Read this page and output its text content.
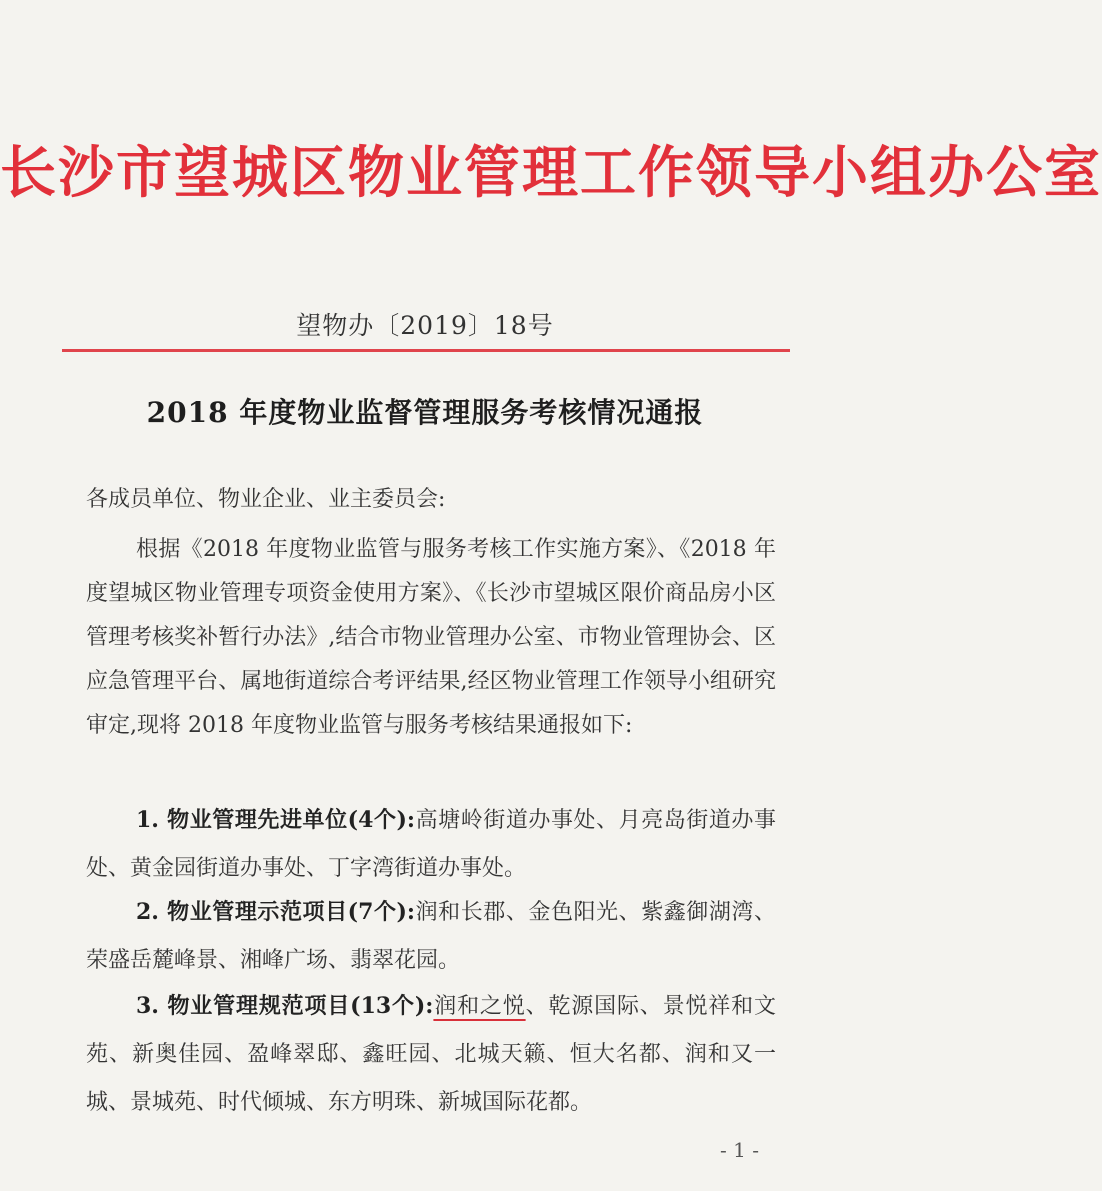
长沙市望城区物业管理工作领导小组办公室
望物办〔2019〕18号
2018 年度物业监督管理服务考核情况通报
各成员单位、物业企业、业主委员会:
根据《2018 年度物业监管与服务考核工作实施方案》、《2018 年度望城区物业管理专项资金使用方案》、《长沙市望城区限价商品房小区管理考核奖补暂行办法》,结合市物业管理办公室、市物业管理协会、区应急管理平台、属地街道综合考评结果,经区物业管理工作领导小组研究审定,现将 2018 年度物业监管与服务考核结果通报如下:
1. 物业管理先进单位(4个):高塘岭街道办事处、月亮岛街道办事处、黄金园街道办事处、丁字湾街道办事处。
2. 物业管理示范项目(7个):润和长郡、金色阳光、紫鑫御湖湾、荣盛岳麓峰景、湘峰广场、翡翠花园。
3. 物业管理规范项目(13个):润和之悦、乾源国际、景悦祥和文苑、新奥佳园、盈峰翠邸、鑫旺园、北城天籁、恒大名都、润和又一城、景城苑、时代倾城、东方明珠、新城国际花都。
- 1 -
